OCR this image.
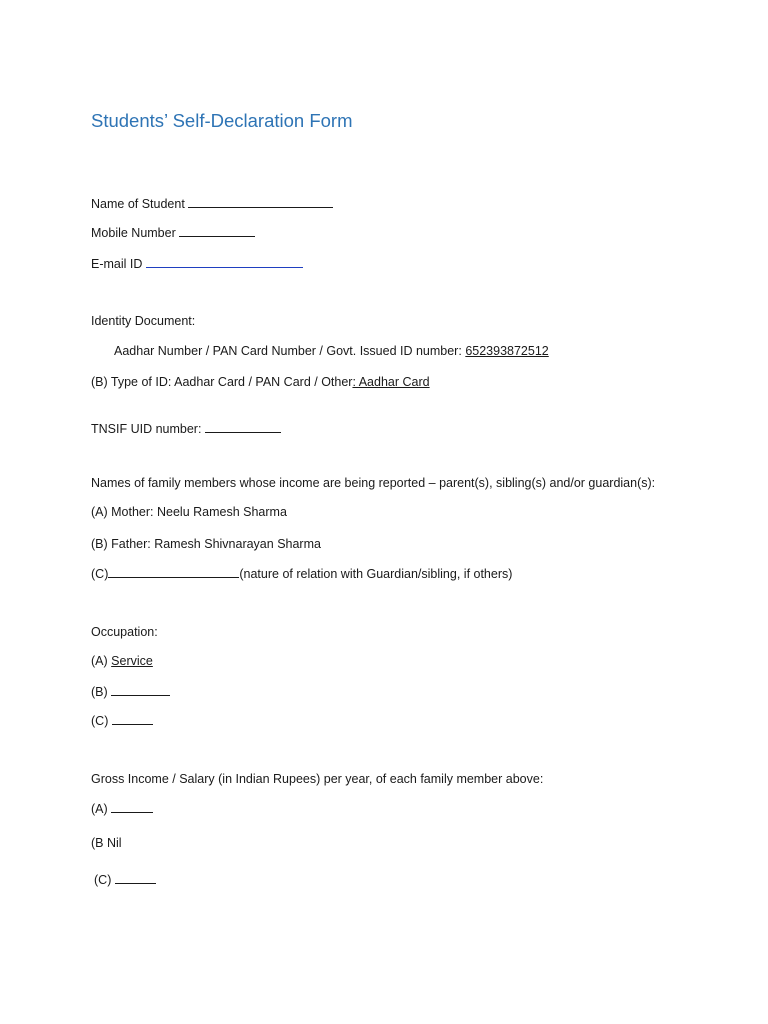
Students’ Self-Declaration Form
Name of Student
Mobile Number
E-mail ID
Identity Document:
Aadhar Number / PAN Card Number / Govt. Issued ID number: 652393872512
(B) Type of ID: Aadhar Card / PAN Card / Other: Aadhar Card
TNSIF UID number:
Names of family members whose income are being reported – parent(s), sibling(s) and/or guardian(s):
(A) Mother: Neelu Ramesh Sharma
(B) Father: Ramesh Shivnarayan Sharma
(C)	(nature of relation with Guardian/sibling, if others)
Occupation:
(A) Service
(B)
(C)
Gross Income / Salary (in Indian Rupees) per year, of each family member above:
(A)
(B Nil
(C)
